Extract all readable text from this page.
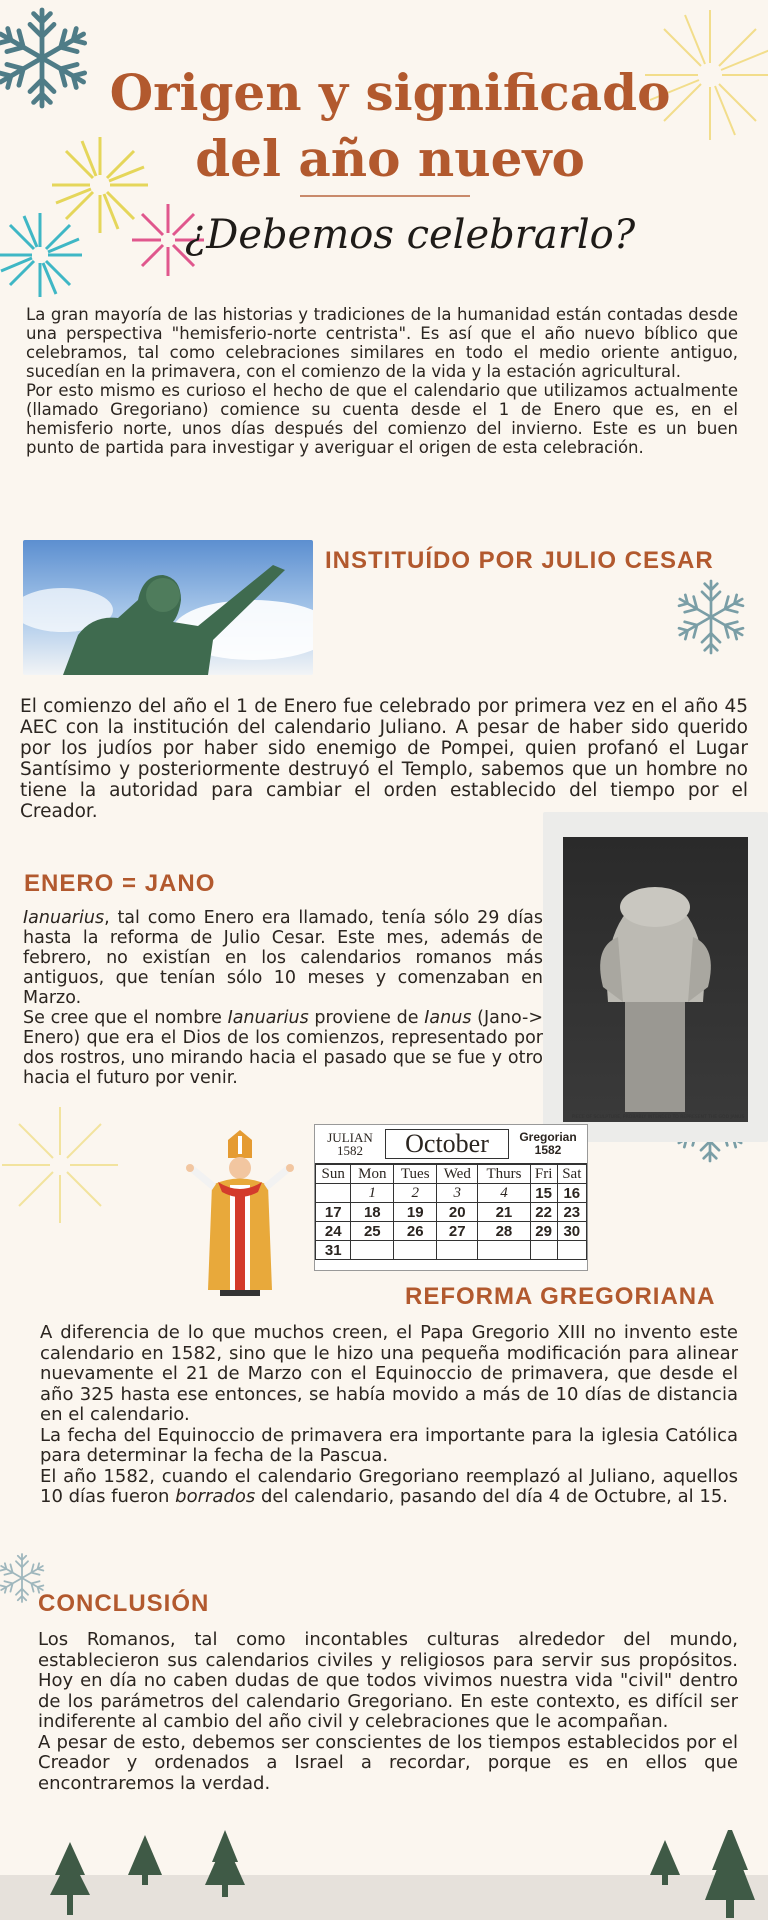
Origen y significado
del año nuevo
¿Debemos celebrarlo?

La gran mayoría de las historias y tradiciones de la humanidad están contadas desde una perspectiva "hemisferio-norte centrista". Es así que el año nuevo bíblico que celebramos, tal como celebraciones similares en todo el medio oriente antiguo, sucedían en la primavera, con el comienzo de la vida y la estación agricultural.

Por esto mismo es curioso el hecho de que el calendario que utilizamos actualmente (llamado Gregoriano) comience su cuenta desde el 1 de Enero que es, en el hemisferio norte, unos días después del comienzo del invierno. Este es un buen punto de partida para investigar y averiguar el origen de esta celebración.

INSTITUÍDO POR JULIO CESAR

El comienzo del año el 1 de Enero fue celebrado por primera vez en el año 45 AEC con la institución del calendario Juliano. A pesar de haber sido querido por los judíos por haber sido enemigo de Pompei, quien profanó el Lugar Santísimo y posteriormente destruyó el Templo, sabemos que un hombre no tiene la autoridad para cambiar el orden establecido del tiempo por el Creador.

ENERO = JANO

Ianuarius, tal como Enero era llamado, tenía sólo 29 días hasta la reforma de Julio Cesar. Este mes, además de febrero, no existían en los calendarios romanos más antiguos, que tenían sólo 10 meses y comenzaban en Marzo.

Se cree que el nombre Ianuarius proviene de Ianus (Jano-> Enero) que era el Dios de los comienzos, representado por dos rostros, uno mirando hacia el pasado que se fue y otro hacia el futuro por venir.

PIECE OF SCULPTURE, PROBABLY INTENDED TO REPRESENT THE GOD JANUS
JULIAN
1582	October	Gregorian
1582
Sun	Mon	Tues	Wed	Thurs	Fri	Sat
	1	2	3	4	15	16
17	18	19	20	21	22	23
24	25	26	27	28	29	30
31						
REFORMA GREGORIANA

A diferencia de lo que muchos creen, el Papa Gregorio XIII no invento este calendario en 1582, sino que le hizo una pequeña modificación para alinear nuevamente el 21 de Marzo con el Equinoccio de primavera, que desde el año 325 hasta ese entonces, se había movido a más de 10 días de distancia en el calendario.

La fecha del Equinoccio de primavera era importante para la iglesia Católica para determinar la fecha de la Pascua.

El año 1582, cuando el calendario Gregoriano reemplazó al Juliano, aquellos 10 días fueron borrados del calendario, pasando del día 4 de Octubre, al 15.

CONCLUSIÓN

Los Romanos, tal como incontables culturas alrededor del mundo, establecieron sus calendarios civiles y religiosos para servir sus propósitos. Hoy en día no caben dudas de que todos vivimos nuestra vida "civil" dentro de los parámetros del calendario Gregoriano. En este contexto, es difícil ser indiferente al cambio del año civil y celebraciones que le acompañan.

A pesar de esto, debemos ser conscientes de los tiempos establecidos por el Creador y ordenados a Israel a recordar, porque es en ellos que encontraremos la verdad.
